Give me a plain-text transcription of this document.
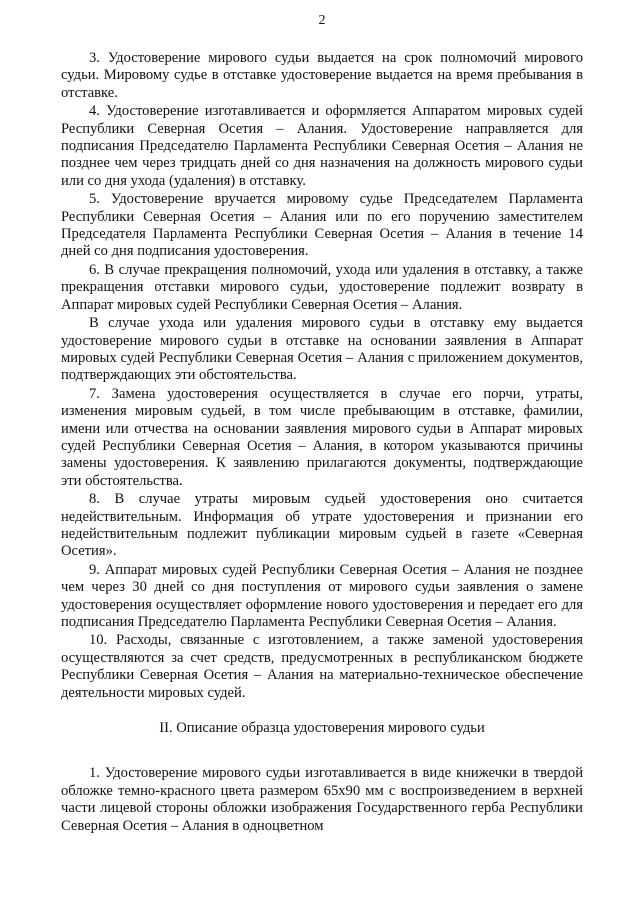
2

3. Удостоверение мирового судьи выдается на срок полномочий мирового судьи. Мировому судье в отставке удостоверение выдается на время пребывания в отставке.

4. Удостоверение изготавливается и оформляется Аппаратом мировых судей Республики Северная Осетия – Алания. Удостоверение направляется для подписания Председателю Парламента Республики Северная Осетия – Алания не позднее чем через тридцать дней со дня назначения на должность мирового судьи или со дня ухода (удаления) в отставку.

5. Удостоверение вручается мировому судье Председателем Парламента Республики Северная Осетия – Алания или по его поручению заместителем Председателя Парламента Республики Северная Осетия – Алания в течение 14 дней со дня подписания удостоверения.

6. В случае прекращения полномочий, ухода или удаления в отставку, а также прекращения отставки мирового судьи, удостоверение подлежит возврату в Аппарат мировых судей Республики Северная Осетия – Алания.

В случае ухода или удаления мирового судьи в отставку ему выдается удостоверение мирового судьи в отставке на основании заявления в Аппарат мировых судей Республики Северная Осетия – Алания с приложением документов, подтверждающих эти обстоятельства.

7. Замена удостоверения осуществляется в случае его порчи, утраты, изменения мировым судьей, в том числе пребывающим в отставке, фамилии, имени или отчества на основании заявления мирового судьи в Аппарат мировых судей Республики Северная Осетия – Алания, в котором указываются причины замены удостоверения. К заявлению прилагаются документы, подтверждающие эти обстоятельства.

8. В случае утраты мировым судьей удостоверения оно считается недействительным. Информация об утрате удостоверения и признании его недействительным подлежит публикации мировым судьей в газете «Северная Осетия».

9. Аппарат мировых судей Республики Северная Осетия – Алания не позднее чем через 30 дней со дня поступления от мирового судьи заявления о замене удостоверения осуществляет оформление нового удостоверения и передает его для подписания Председателю Парламента Республики Северная Осетия – Алания.

10. Расходы, связанные с изготовлением, а также заменой удостоверения осуществляются за счет средств, предусмотренных в республиканском бюджете Республики Северная Осетия – Алания на материально-техническое обеспечение деятельности мировых судей.

II. Описание образца удостоверения мирового судьи

1. Удостоверение мирового судьи изготавливается в виде книжечки в твердой обложке темно-красного цвета размером 65х90 мм с воспроизведением в верхней части лицевой стороны обложки изображения Государственного герба Республики Северная Осетия – Алания в одноцветном
